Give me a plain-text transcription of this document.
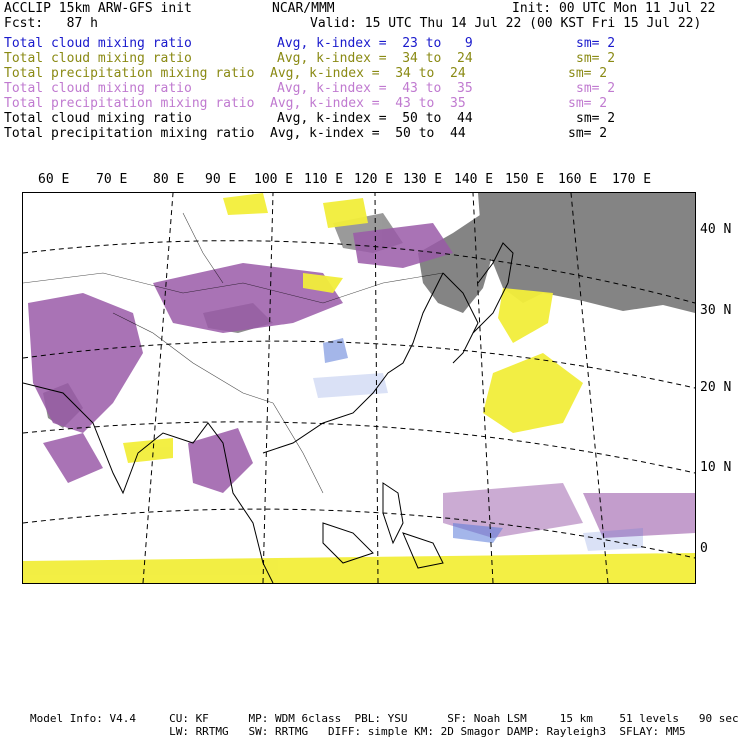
ACCLIP 15km ARW-GFS init	NCAR/MMM	Init: 00 UTC Mon 11 Jul 22
Fcst:   87 h	Valid: 15 UTC Thu 14 Jul 22 (00 KST Fri 15 Jul 22)
Total cloud mixing ratio	Avg, k-index =  23 to   9	sm= 2
Total cloud mixing ratio	Avg, k-index =  34 to  24	sm= 2
Total precipitation mixing ratio Avg, k-index =  34 to  24	sm= 2
Total cloud mixing ratio	Avg, k-index =  43 to  35	sm= 2
Total precipitation mixing ratio Avg, k-index =  43 to  35	sm= 2
Total cloud mixing ratio	Avg, k-index =  50 to  44	sm= 2
Total precipitation mixing ratio Avg, k-index =  50 to  44	sm= 2
60 E 70 E 80 E 90 E 100 E 110 E 120 E 130 E 140 E 150 E 160 E 170 E
40 N
30 N
20 N
10 N
0
Model Info: V4.4     CU: KF      MP: WDM 6class  PBL: YSU      SF: Noah LSM     15 km    51 levels   90 sec
LW: RRTMG   SW: RRTMG   DIFF: simple KM: 2D Smagor DAMP: Rayleigh3  SFLAY: MM5
